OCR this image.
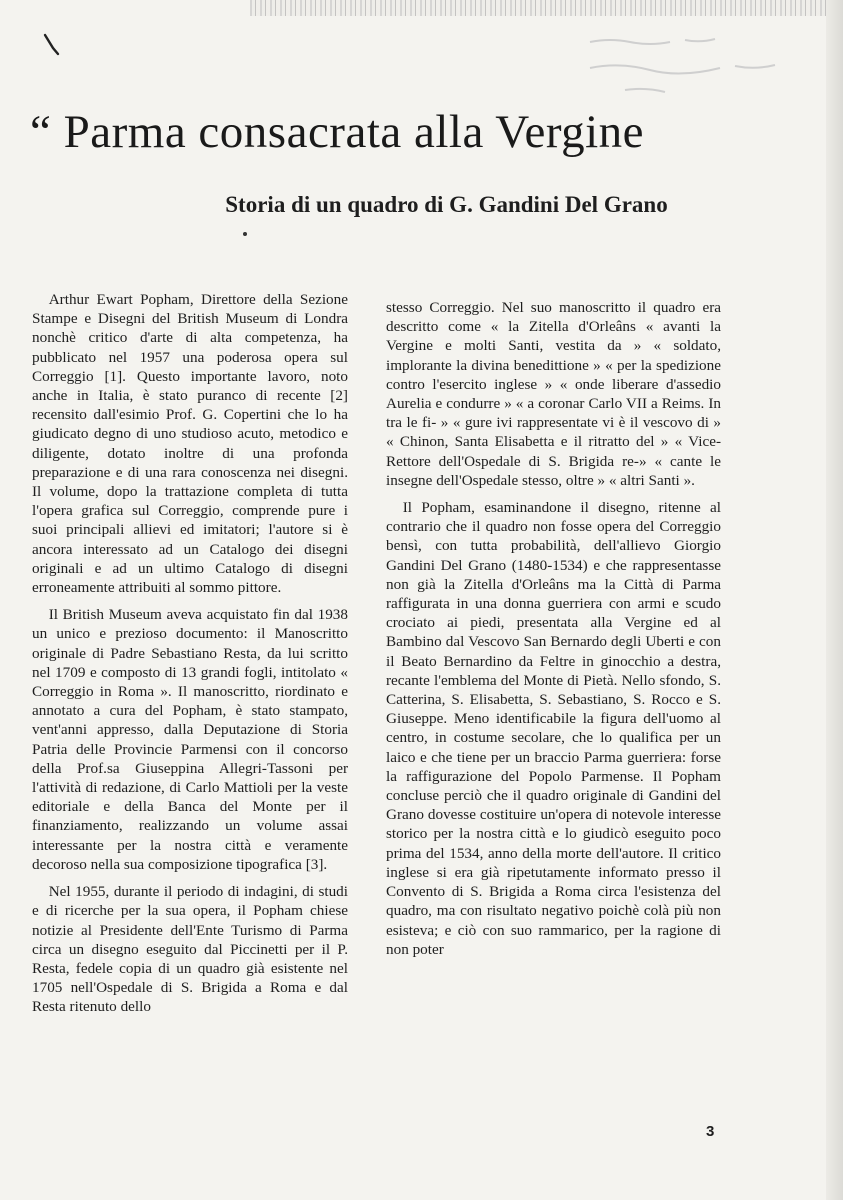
“ Parma consacrata alla Vergine
Storia di un quadro di G. Gandini Del Grano

Arthur Ewart Popham, Direttore della Sezione Stampe e Disegni del British Museum di Londra nonchè critico d'arte di alta competenza, ha pubblicato nel 1957 una poderosa opera sul Correggio [1]. Questo importante lavoro, noto anche in Italia, è stato puranco di recente [2] recensito dall'esimio Prof. G. Copertini che lo ha giudicato degno di uno studioso acuto, metodico e diligente, dotato inoltre di una profonda preparazione e di una rara conoscenza nei disegni. Il volume, dopo la trattazione completa di tutta l'opera grafica sul Correggio, comprende pure i suoi principali allievi ed imitatori; l'autore si è ancora interessato ad un Catalogo dei disegni originali e ad un ultimo Catalogo di disegni erroneamente attribuiti al sommo pittore.

Il British Museum aveva acquistato fin dal 1938 un unico e prezioso documento: il Manoscritto originale di Padre Sebastiano Resta, da lui scritto nel 1709 e composto di 13 grandi fogli, intitolato « Correggio in Roma ». Il manoscritto, riordinato e annotato a cura del Popham, è stato stampato, vent'anni appresso, dalla Deputazione di Storia Patria delle Provincie Parmensi con il concorso della Prof.sa Giuseppina Allegri-Tassoni per l'attività di redazione, di Carlo Mattioli per la veste editoriale e della Banca del Monte per il finanziamento, realizzando un volume assai interessante per la nostra città e veramente decoroso nella sua composizione tipografica [3].

Nel 1955, durante il periodo di indagini, di studi e di ricerche per la sua opera, il Popham chiese notizie al Presidente dell'Ente Turismo di Parma circa un disegno eseguito dal Piccinetti per il P. Resta, fedele copia di un quadro già esistente nel 1705 nell'Ospedale di S. Brigida a Roma e dal Resta ritenuto dello

stesso Correggio. Nel suo manoscritto il quadro era descritto come « la Zitella d'Orleâns « avanti la Vergine e molti Santi, vestita da » « soldato, implorante la divina benedittione » « per la spedizione contro l'esercito inglese » « onde liberare d'assedio Aurelia e condurre » « a coronar Carlo VII a Reims. In tra le fi- » « gure ivi rappresentate vi è il vescovo di » « Chinon, Santa Elisabetta e il ritratto del » « Vice-Rettore dell'Ospedale di S. Brigida re-» « cante le insegne dell'Ospedale stesso, oltre » « altri Santi ».

Il Popham, esaminandone il disegno, ritenne al contrario che il quadro non fosse opera del Correggio bensì, con tutta probabilità, dell'allievo Giorgio Gandini Del Grano (1480-1534) e che rappresentasse non già la Zitella d'Orleâns ma la Città di Parma raffigurata in una donna guerriera con armi e scudo crociato ai piedi, presentata alla Vergine ed al Bambino dal Vescovo San Bernardo degli Uberti e con il Beato Bernardino da Feltre in ginocchio a destra, recante l'emblema del Monte di Pietà. Nello sfondo, S. Catterina, S. Elisabetta, S. Sebastiano, S. Rocco e S. Giuseppe. Meno identificabile la figura dell'uomo al centro, in costume secolare, che lo qualifica per un laico e che tiene per un braccio Parma guerriera: forse la raffigurazione del Popolo Parmense. Il Popham concluse perciò che il quadro originale di Gandini del Grano dovesse costituire un'opera di notevole interesse storico per la nostra città e lo giudicò eseguito poco prima del 1534, anno della morte dell'autore. Il critico inglese si era già ripetutamente informato presso il Convento di S. Brigida a Roma circa l'esistenza del quadro, ma con risultato negativo poichè colà più non esisteva; e ciò con suo rammarico, per la ragione di non poter

3
